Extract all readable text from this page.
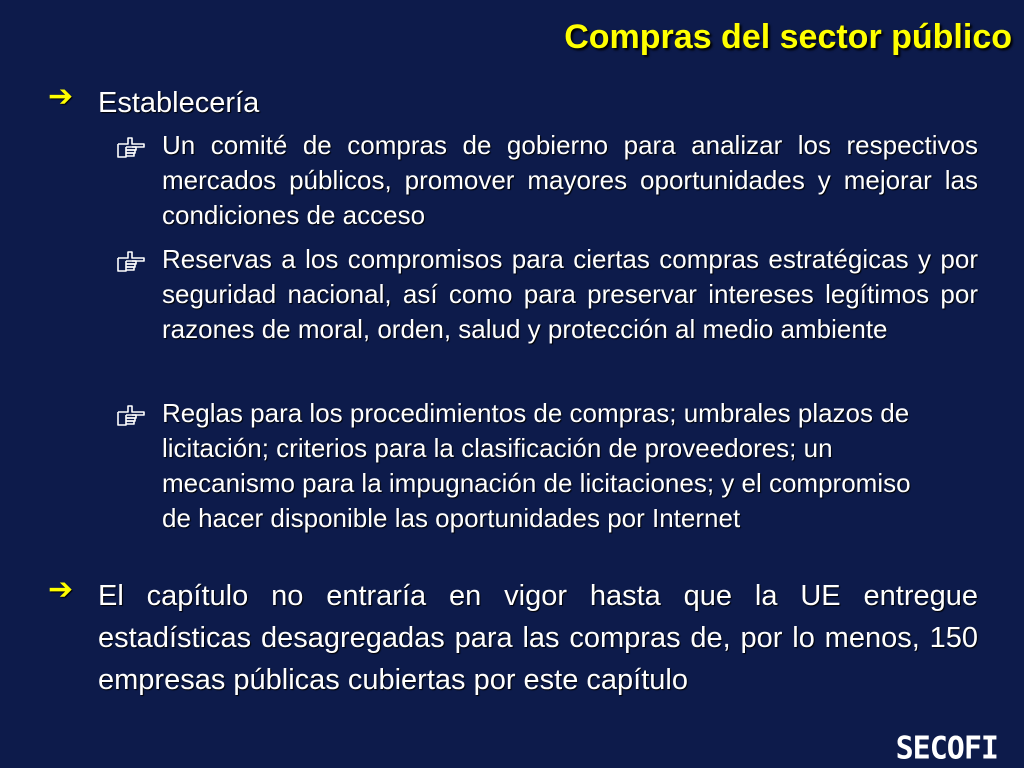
Compras del sector público
➔ Establecería
Un comité de compras de gobierno para analizar los respectivos mercados públicos, promover mayores oportunidades y mejorar las condiciones de acceso
Reservas a los compromisos para ciertas compras estratégicas y por seguridad nacional, así como para preservar intereses legítimos por razones de moral, orden, salud y protección al medio ambiente
Reglas para los procedimientos de compras; umbrales plazos de licitación; criterios para la clasificación de proveedores; un mecanismo para la impugnación de licitaciones; y el compromiso de hacer disponible las oportunidades por Internet
➔ El capítulo no entraría en vigor hasta que la UE entregue estadísticas desagregadas para las compras de, por lo menos, 150 empresas públicas cubiertas por este capítulo
SECOFI
